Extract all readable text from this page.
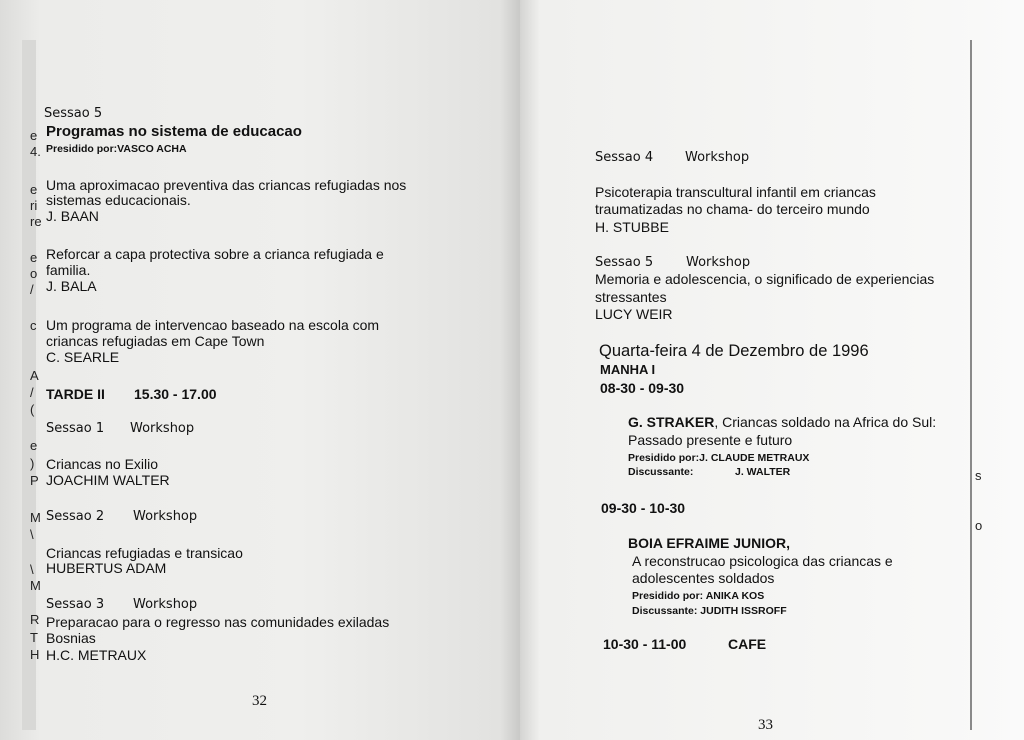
e
4.
e
ri
re
e
o
/
c
A
/
(
e
)
P
M
\
\
M
R
T
H
Sessao 5
Programas no sistema de educacao
Presidido por:VASCO ACHA
Uma aproximacao preventiva das criancas refugiadas nos
sistemas educacionais.
J. BAAN
Reforcar a capa protectiva sobre a crianca refugiada e
familia.
J. BALA
Um programa de intervencao baseado na escola com
criancas refugiadas em Cape Town
C. SEARLE
TARDE II 15.30 - 17.00
Sessao 1 Workshop
Criancas no Exilio
JOACHIM WALTER
Sessao 2 Workshop
Criancas refugiadas e transicao
HUBERTUS ADAM
Sessao 3 Workshop
Preparacao para o regresso nas comunidades exiladas
Bosnias
H.C. METRAUX
32
Sessao 4 Workshop
Psicoterapia transcultural infantil em criancas
traumatizadas no chama- do terceiro mundo
H. STUBBE
Sessao 5	Workshop
Memoria e adolescencia, o significado de experiencias
stressantes
LUCY WEIR
Quarta-feira 4 de Dezembro de 1996
MANHA I
08-30 - 09-30
G. STRAKER, Criancas soldado na Africa do Sul:
Passado presente e futuro
Presidido por:J. CLAUDE METRAUX
Discussante:	J. WALTER
09-30 - 10-30
BOIA EFRAIME JUNIOR,
A reconstrucao psicologica das criancas e
adolescentes soldados
Presidido por: ANIKA KOS
Discussante: JUDITH ISSROFF
10-30 - 11-00	CAFE
33
s
o
